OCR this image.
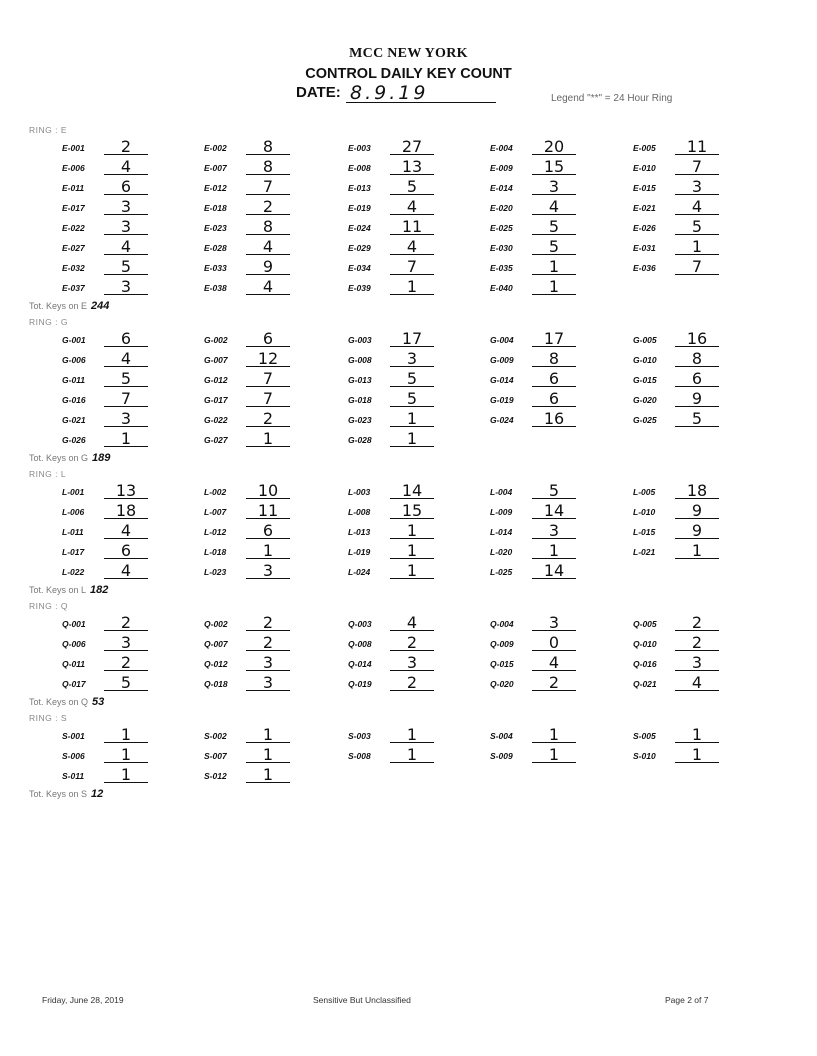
MCC NEW YORK
CONTROL DAILY KEY COUNT
DATE: 8.9.19	Legend "**" = 24 Hour Ring
RING : E
E-001	2	E-002	8	E-003	27	E-004	20	E-005	11
E-006	4	E-007	8	E-008	13	E-009	15	E-010	7
E-011	6	E-012	7	E-013	5	E-014	3	E-015	3
E-017	3	E-018	2	E-019	4	E-020	4	E-021	4
E-022	3	E-023	8	E-024	11	E-025	5	E-026	5
E-027	4	E-028	4	E-029	4	E-030	5	E-031	1
E-032	5	E-033	9	E-034	7	E-035	1	E-036	7
E-037	3	E-038	4	E-039	1	E-040	1
Tot. Keys on E 244
RING : G
G-001	6	G-002	6	G-003	17	G-004	17	G-005	16
G-006	4	G-007	12	G-008	3	G-009	8	G-010	8
G-011	5	G-012	7	G-013	5	G-014	6	G-015	6
G-016	7	G-017	7	G-018	5	G-019	6	G-020	9
G-021	3	G-022	2	G-023	1	G-024	16	G-025	5
G-026	1	G-027	1	G-028	1
Tot. Keys on G 189
RING : L
L-001	13	L-002	10	L-003	14	L-004	5	L-005	18
L-006	18	L-007	11	L-008	15	L-009	14	L-010	9
L-011	4	L-012	6	L-013	1	L-014	3	L-015	9
L-017	6	L-018	1	L-019	1	L-020	1	L-021	1
L-022	4	L-023	3	L-024	1	L-025	14
Tot. Keys on L 182
RING : Q
Q-001	2	Q-002	2	Q-003	4	Q-004	3	Q-005	2
Q-006	3	Q-007	2	Q-008	2	Q-009	0	Q-010	2
Q-011	2	Q-012	3	Q-014	3	Q-015	4	Q-016	3
Q-017	5	Q-018	3	Q-019	2	Q-020	2	Q-021	4
Tot. Keys on Q 53
RING : S
S-001	1	S-002	1	S-003	1	S-004	1	S-005	1
S-006	1	S-007	1	S-008	1	S-009	1	S-010	1
S-011	1	S-012	1
Tot. Keys on S 12
Friday, June 28, 2019	Sensitive But Unclassified	Page 2 of 7
